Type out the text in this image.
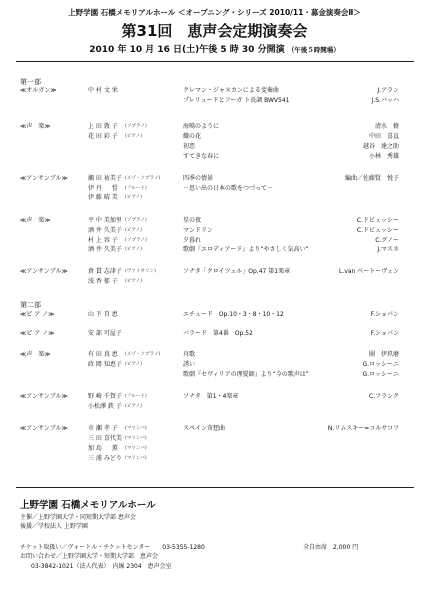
上野学園 石橋メモリアルホール ＜オープニング・シリーズ 2010/11・募金演奏会Ⅱ＞
第31回　恵声会定期演奏会
2010 年 10 月 16 日(土)午後 5 時 30 分開演 （午後５時開場）
第一部
≪オルガン≫	中 村 文 栄	クレマン・ジャヌカンによる変奏曲	J.アラン
プレリュードとフーガ ト長調 BWV541	J.S.バッハ
≪声　楽≫	上 田 敦 子 (ソプラノ)	海鳴のように	清水　脩
花 田 彩 子 (ピアノ)	織の花	中田　喜直
初恋	越谷　達之助
すてきな春に	小林　秀雄
≪アンサンブル≫	瀬 田 祐美子 (メゾ・ソプラノ)	四季の情景	編曲／佐藤賢　悦子
伊 丹 　 晢 (フルート)	－思い出の日本の歌をつづって－
伊 藤 晴 美 (ピアノ)
≪声　楽≫	平 中 美加里 (ソプラノ)	星の夜	C.ドビュッシー
酒 井 久美子 (ピアノ)	マンドリン	C.ドビュッシー
村 上 容 子 (ソプラノ)	夕暮れ	C.グノー
酒 井 久美子 (ピアノ)	歌劇『エロディアード』より“やさしく気高い”	J.マスネ
≪アンサンブル≫	倉 貫 志津子 (ヴァイオリン)	ソナタ「クロイツェル」Op.47 第1楽章	L.van ベートーヴェン
浅 香 郁 子 (ピアノ)
第二部
≪ピ ア ノ≫	山 下 百 恵	エチュード　Op.10・3・8・10・12	F.ショパン
≪ピ ア ノ≫	安 部 可屋子	バラード　第4番　Op.52	F.ショパン
≪声　楽≫	有 田 真 恵 (メゾ・ソプラノ)	舟歌	團　伊玖磨
政 岡 知恵子 (ピアノ)	誘い	G.ロッシーニ
歌劇『セヴィリアの理髪師』より“今の歌声は”	G.ロッシーニ
≪アンサンブル≫	野 崎 千賀子 (フルート)	ソナタ　第1・4楽章	C.フランク
小松澤 鉄 子 (ピアノ)
≪アンサンブル≫	市 瀬 孝 子 (マリンバ)	スペイン奇想曲	N.リムスキー=コルサコフ
三 田 喜代美 (マリンバ)
加 島 　 薫 (マリンバ)
三 浦 みどり (マリンバ)
上野学園 石橋メモリアルホール
主催／上野学園大学・同短期大学部 恵声会
後援／学校法人 上野学園
チケット取扱い／ヴォートル・チケットセンター　　03-5355-1280	全自由席　2,000 円
お問い合わせ／上野学園大学・短期大学部　恵声会
03-3842-1021（法人代表）　内線 2304　恵声会室
